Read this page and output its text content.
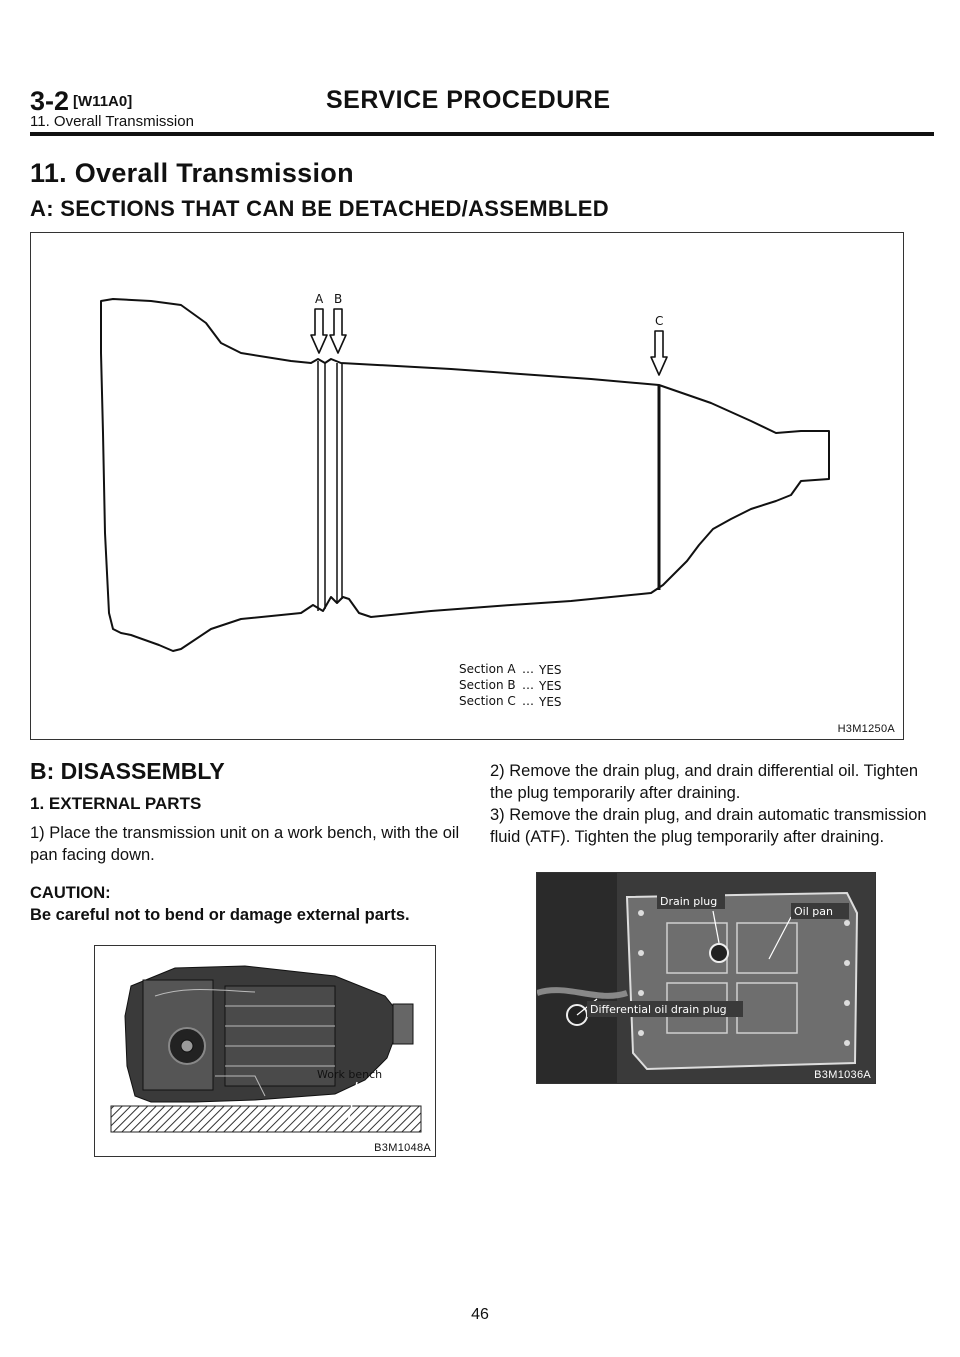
3-2 [W11A0]	SERVICE PROCEDURE
11. Overall Transmission
11. Overall Transmission
A: SECTIONS THAT CAN BE DETACHED/ASSEMBLED
A B
C
Section A … YES
Section B … YES
Section C … YES
H3M1250A
B: DISASSEMBLY
1. EXTERNAL PARTS
1) Place the transmission unit on a work bench, with the oil pan facing down.
CAUTION:
Be careful not to bend or damage external parts.
Work bench
B3M1048A
2) Remove the drain plug, and drain differential oil. Tighten the plug temporarily after draining.
3) Remove the drain plug, and drain automatic transmission fluid (ATF). Tighten the plug temporarily after draining.
Drain plug
Oil pan
Differential oil drain plug
B3M1036A
46
